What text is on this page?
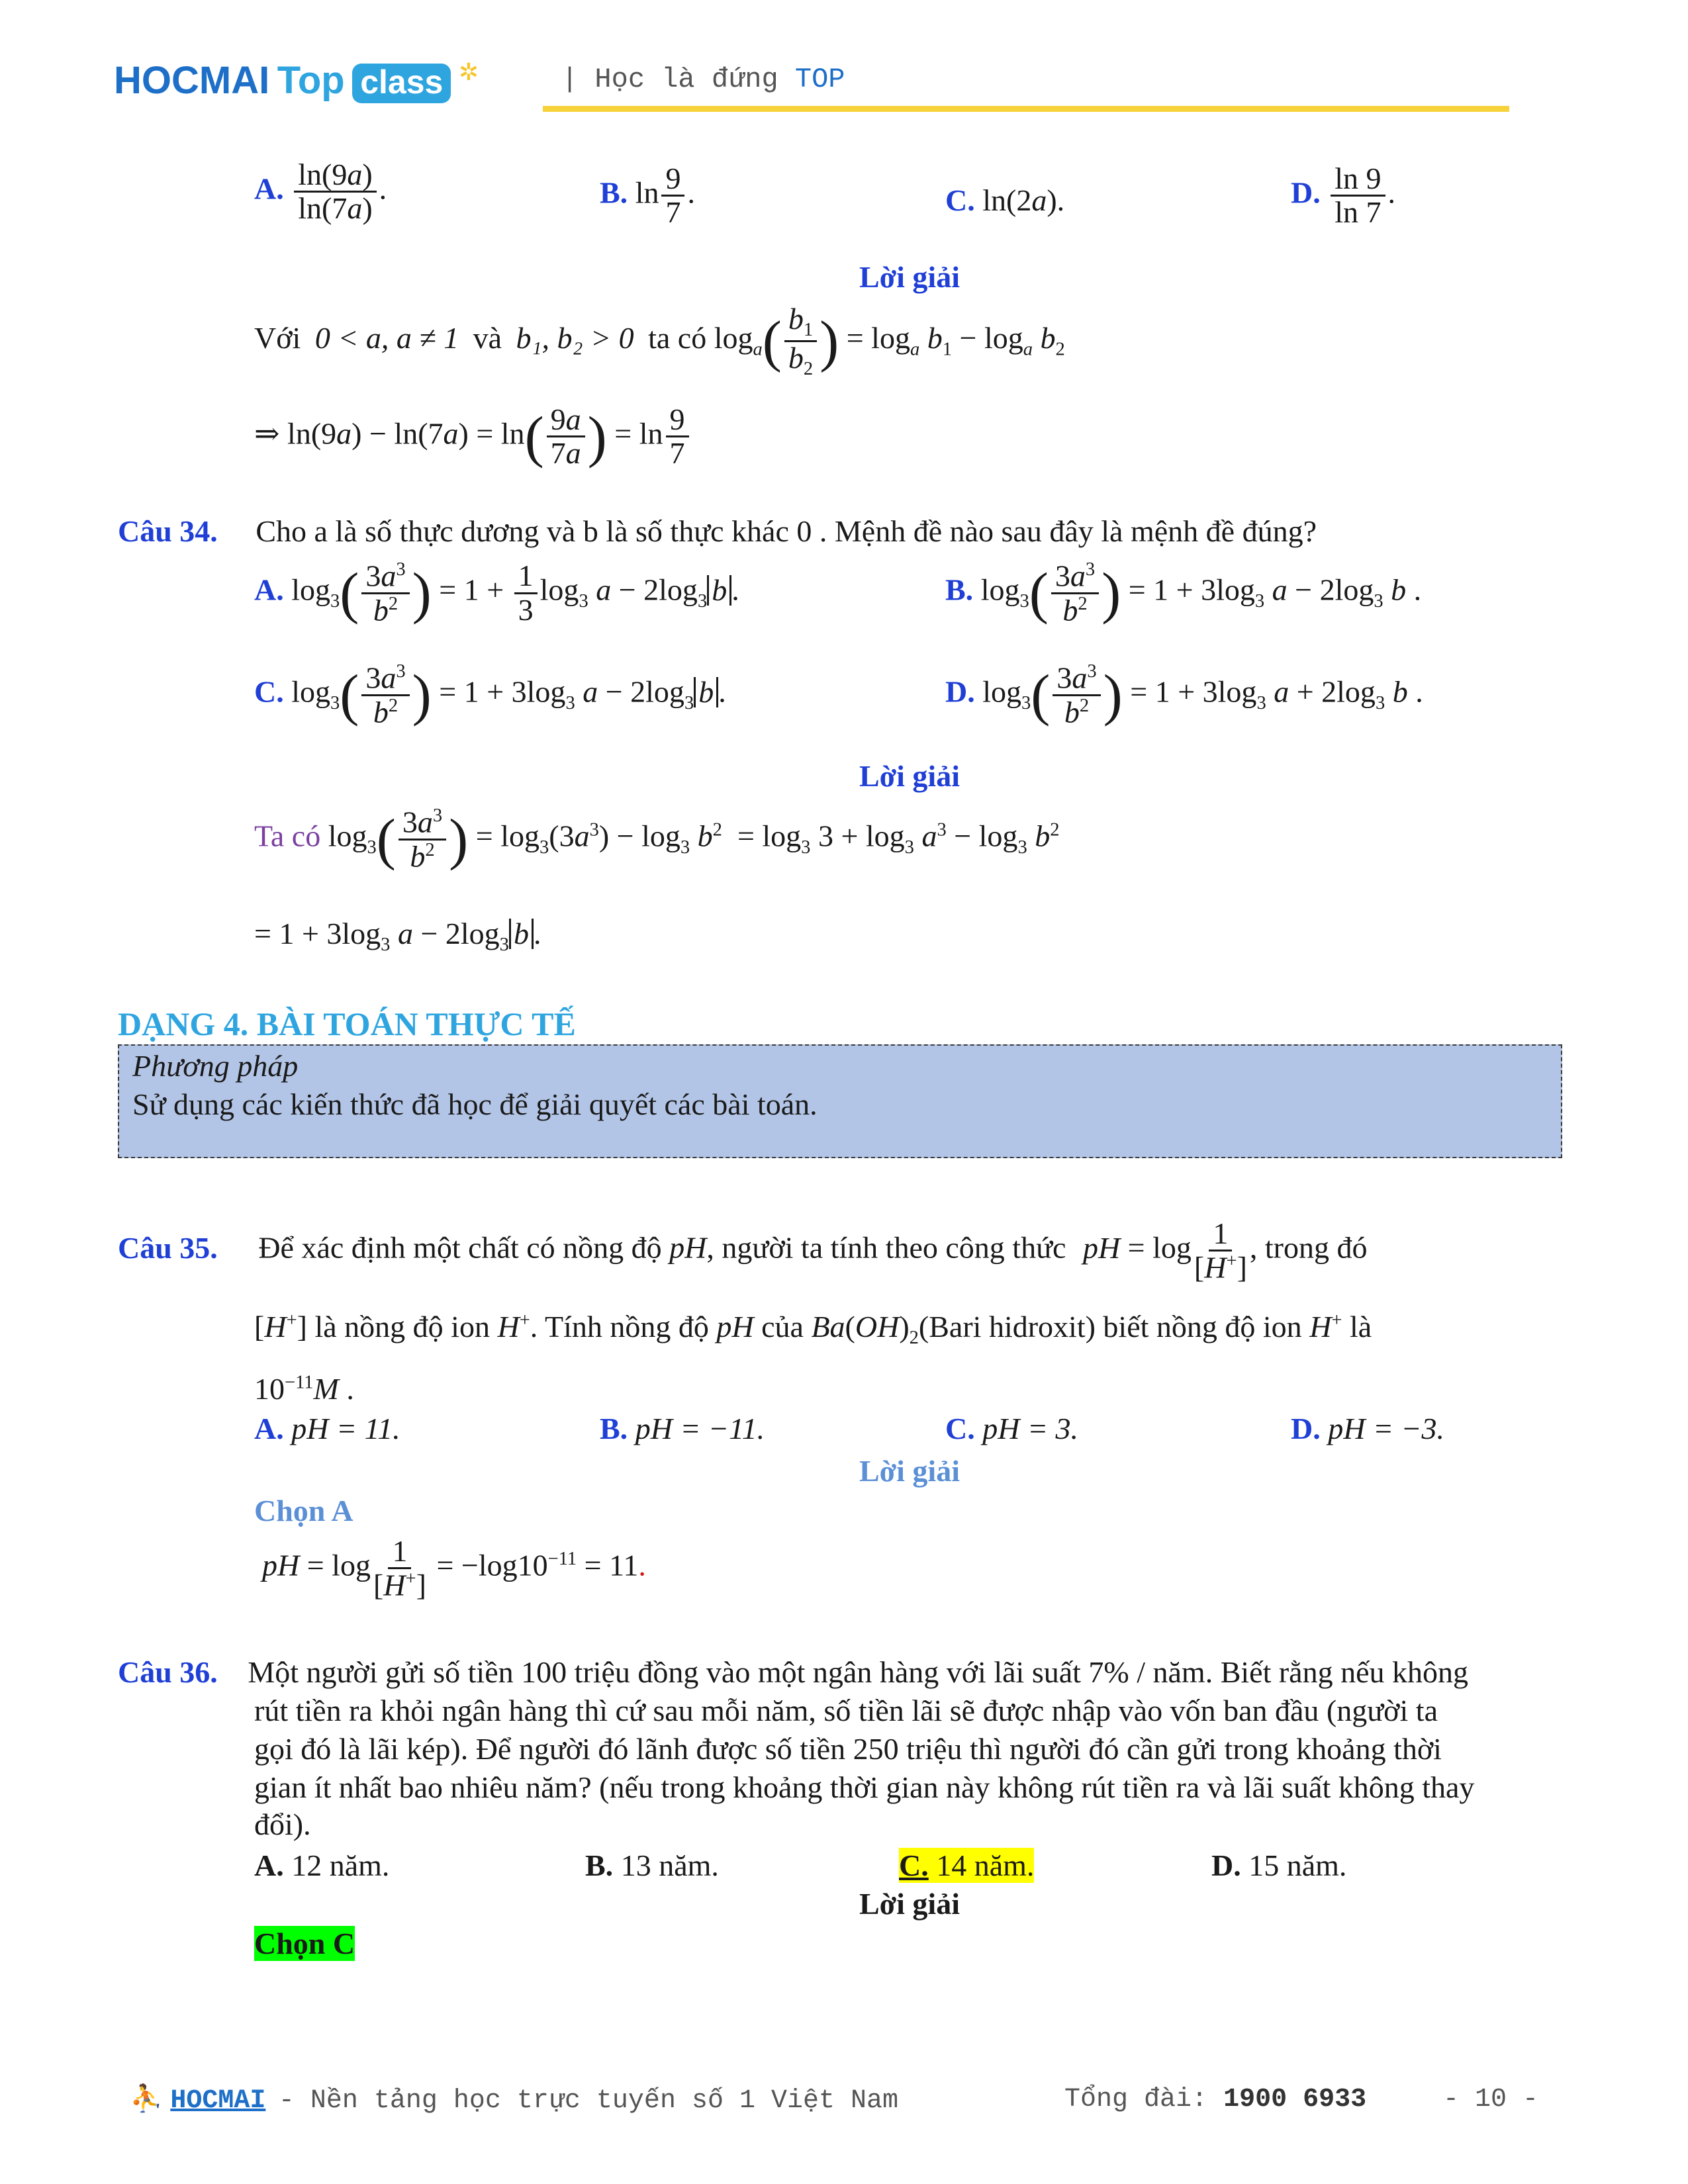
HOCMAI Top class ✲	| Học là đứng TOP
A. $\frac{\ln(9a)}{\ln(7a)}$ .	B. $\ln \frac{9}{7}$ .	C. ln(2a).	D. $\frac{\ln 9}{\ln 7}$ .
Lời giải
Với 0 < a, a ≠ 1 và b₁, b₂ > 0 ta có $\log_a( \frac{b_1}{b_2}$ ) = $\log_a b_1 - \log_a b_2$
⇒ $\ln(9a) - \ln(7a) = \ln( \frac{9a}{7a}$ ) = $\ln \frac{9}{7}$
Câu 34. Cho a là số thực dương và b là số thực khác 0 . Mệnh đề nào sau đây là mệnh đề đúng?
A. $\log_3( \frac{3a^3}{b^2}$ ) = $1 + \frac{1}{3} \log_3 a - 2\log_3$ b .	B. $\log_3( \frac{3a^3}{b^2}$ ) = $1 + 3\log_3$ $a - 2\log_3$ b .
C. $\log_3( \frac{3a^3}{b^2}$ ) = $1 + 3\log_3$ $a - 2\log_3$ b .	D. $\log_3( \frac{3a^3}{b^2}$ ) = $1 + 3\log_3$ $a + 2\log_3$ b .
Lời giải
Ta có $\log_3( \frac{3a^3}{b^2}$ ) = $\log_3(3a^3) - \log_3 b^2 = \log_3 3 + \log_3 a^3 - \log_3 b^2$
= $1 + 3\log_3$ $a - 2\log_3$ b .
DẠNG 4. BÀI TOÁN THỰC TẾ
Phương pháp
Sử dụng các kiến thức đã học để giải quyết các bài toán.
Câu 35. Để xác định một chất có nồng độ pH, người ta tính theo công thức pH = $\log \frac{1}{[H^+]}$ , trong đó
[H+] là nồng độ ion H+. Tính nồng độ pH của $Ba(OH)_2(Bari$ hidroxit) biết nồng độ ion H+ là
$10^{-11}M$ .
A. pH = 11.	B. pH = −11.	C. pH = 3.	D. pH = −3.
Lời giải
Chọn A
pH = $\log \frac{1}{[H^+]} = -\log 10^{-11} = 11$.
Câu 36. Một người gửi số tiền 100 triệu đồng vào một ngân hàng với lãi suất 7% / năm. Biết rằng nếu không
rút tiền ra khỏi ngân hàng thì cứ sau mỗi năm, số tiền lãi sẽ được nhập vào vốn ban đầu (người ta
gọi đó là lãi kép). Để người đó lãnh được số tiền 250 triệu thì người đó cần gửi trong khoảng thời
gian ít nhất bao nhiêu năm? (nếu trong khoảng thời gian này không rút tiền ra và lãi suất không thay
đổi).
A. 12 năm.	B. 13 năm.	C. 14 năm.	D. 15 năm.
Lời giải
Chọn C
⛹ HOCMAI - Nền tảng học trực tuyến số 1 Việt Nam	Tổng đài: 1900 6933	- 10 -
